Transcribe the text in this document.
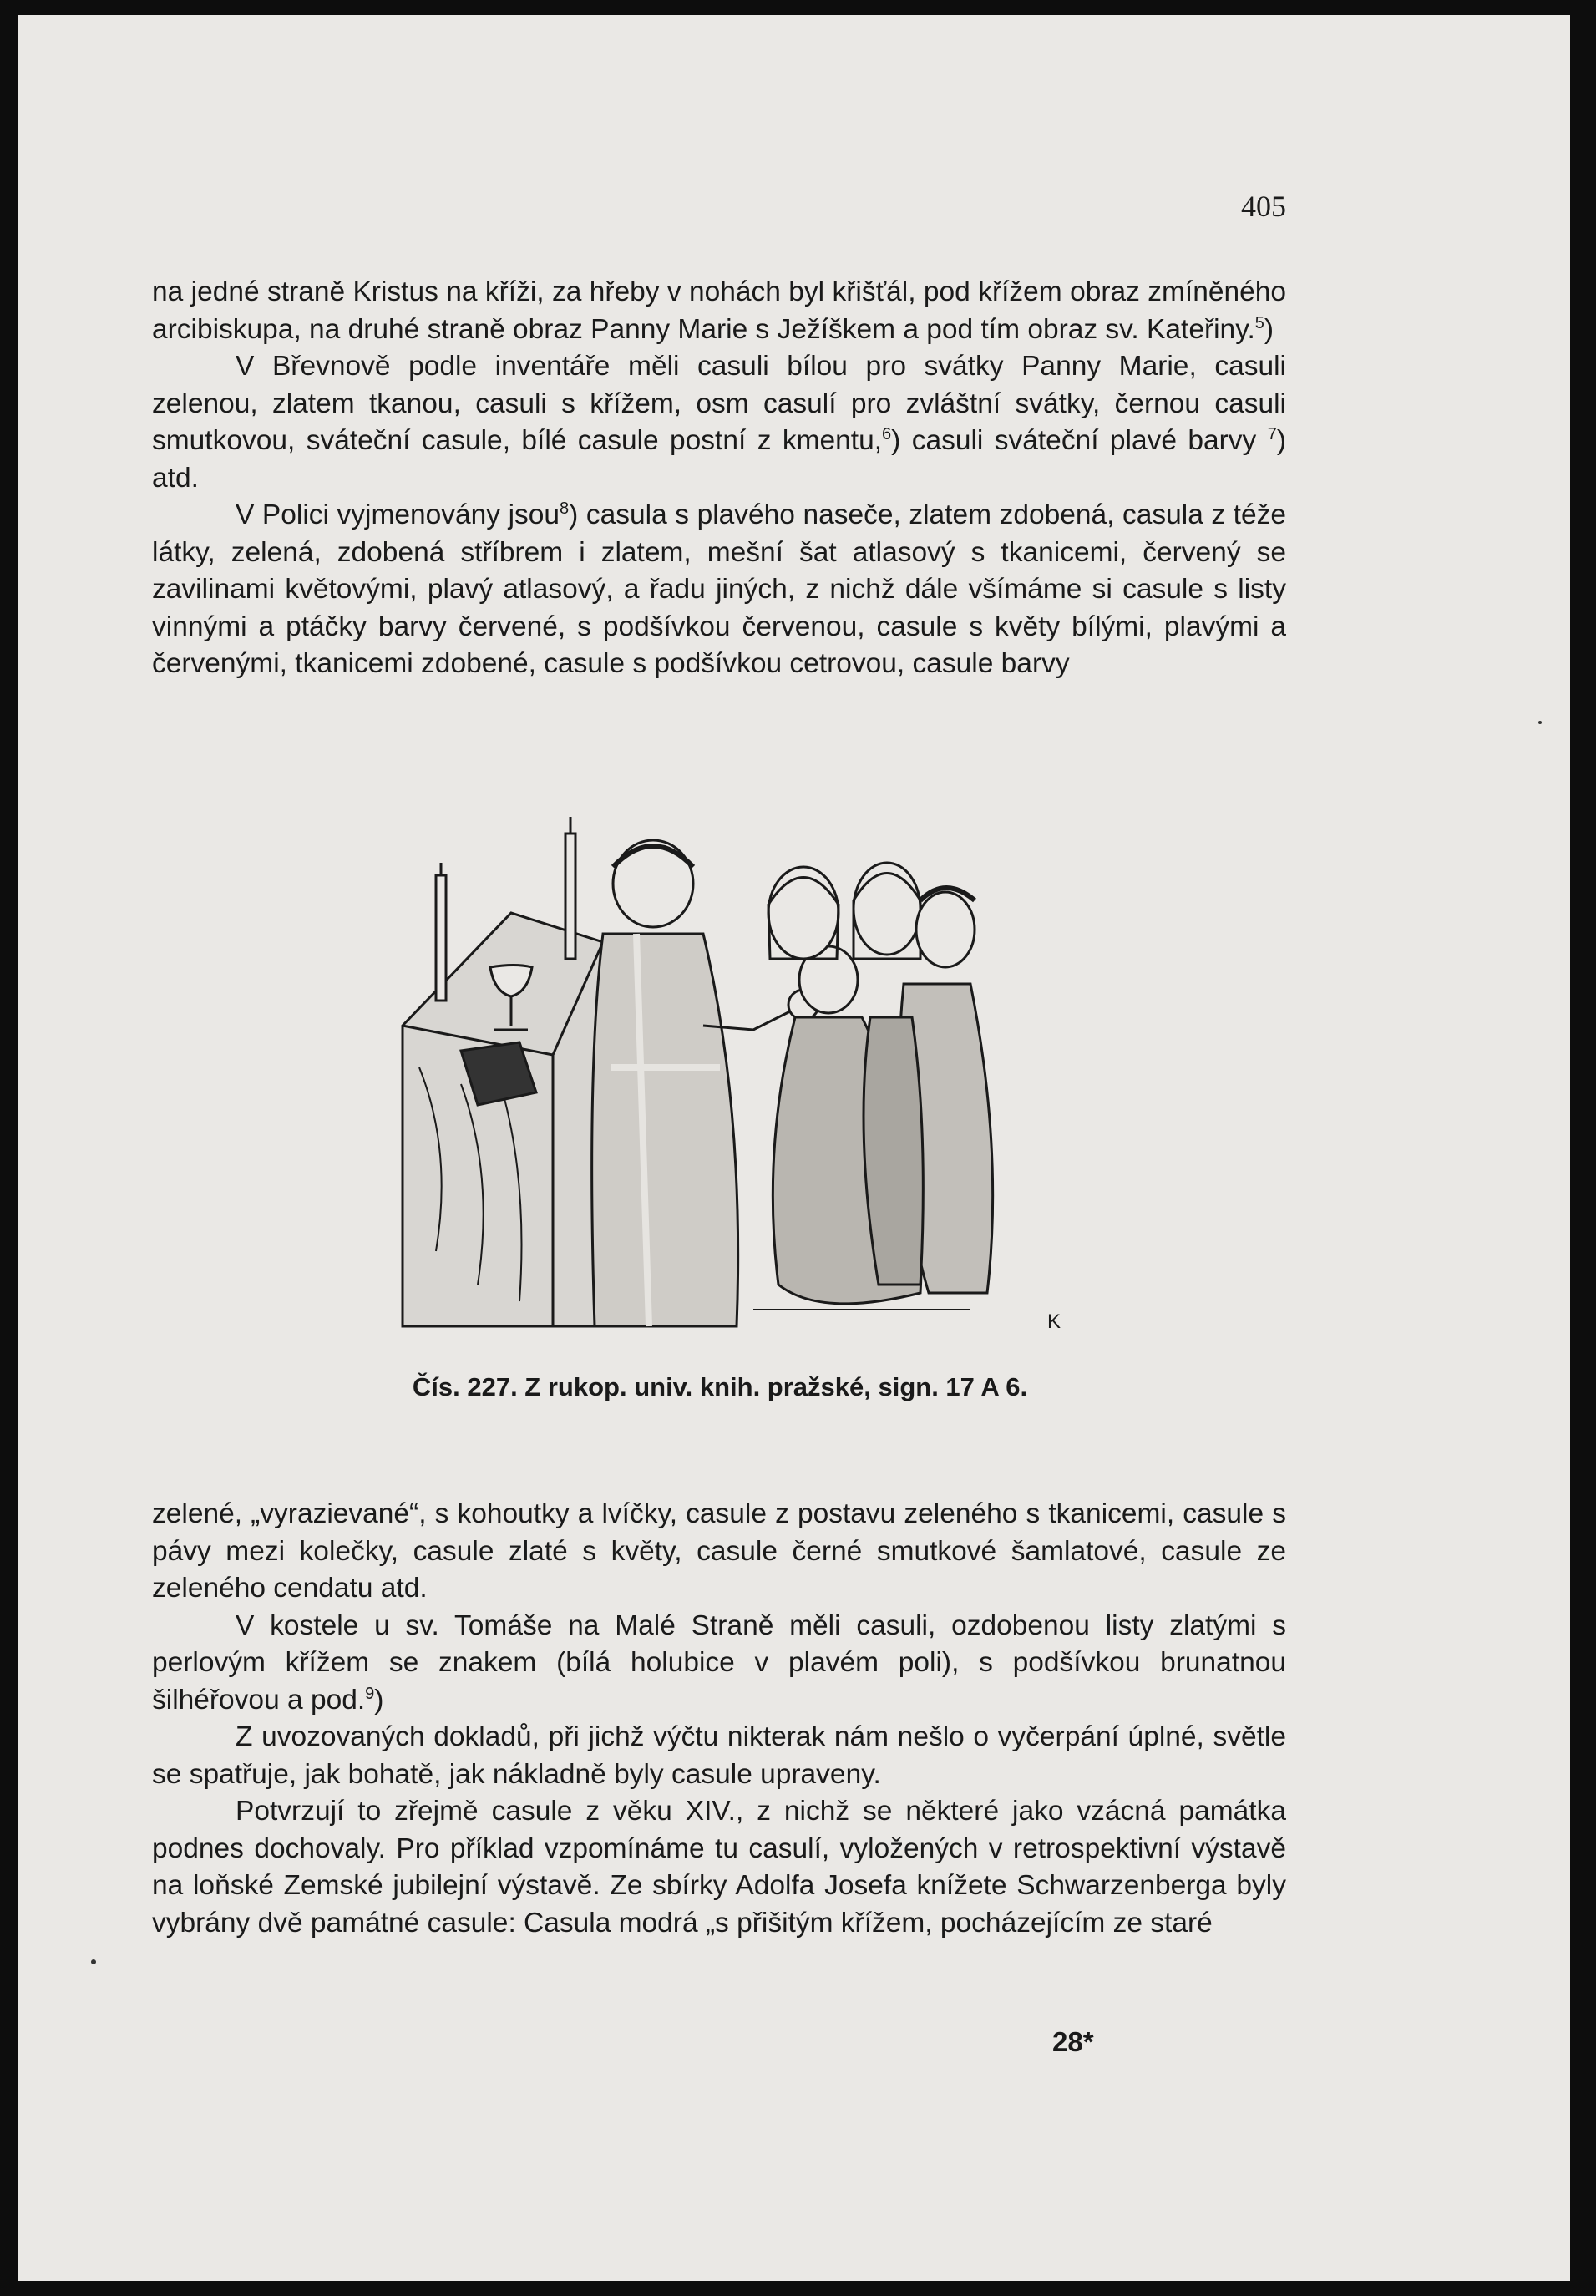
405

na jedné straně Kristus na kříži, za hřeby v nohách byl křišťál, pod křížem obraz zmíněného arcibiskupa, na druhé straně obraz Panny Marie s Ježíškem a pod tím obraz sv. Kateřiny.$^5$)

V Břevnově podle inventáře měli casuli bílou pro svátky Panny Marie, casuli zelenou, zlatem tkanou, casuli s křížem, osm casulí pro zvláštní svátky, černou casuli smutkovou, sváteční casule, bílé casule postní z kmentu,$^6$) casuli sváteční plavé barvy $^7$) atd.

V Polici vyjmenovány jsou$^8$) casula s plavého naseče, zlatem zdobená, casula z téže látky, zelená, zdobená stříbrem i zlatem, mešní šat atlasový s tkanicemi, červený se zavilinami květovými, plavý atlasový, a řadu jiných, z nichž dále všímáme si casule s listy vinnými a ptáčky barvy červené, s podšívkou červenou, casule s květy bílými, plavými a červenými, tkanicemi zdobené, casule s podšívkou cetrovou, casule barvy

K
Čís. 227. Z rukop. univ. knih. pražské, sign. 17 A 6.

zelené, „vyrazievané“, s kohoutky a lvíčky, casule z postavu zeleného s tkanicemi, casule s pávy mezi kolečky, casule zlaté s květy, casule černé smutkové šamlatové, casule ze zeleného cendatu atd.

V kostele u sv. Tomáše na Malé Straně měli casuli, ozdobenou listy zlatými s perlovým křížem se znakem (bílá holubice v plavém poli), s podšívkou brunatnou šilhéřovou a pod.$^9$)

Z uvozovaných dokladů, při jichž výčtu nikterak nám nešlo o vyčerpání úplné, světle se spatřuje, jak bohatě, jak nákladně byly casule upraveny.

Potvrzují to zřejmě casule z věku XIV., z nichž se některé jako vzácná památka podnes dochovaly. Pro příklad vzpomínáme tu casulí, vyložených v retrospektivní výstavě na loňské Zemské jubilejní výstavě. Ze sbírky Adolfa Josefa knížete Schwarzenberga byly vybrány dvě památné casule: Casula modrá „s přišitým křížem, pocházejícím ze staré

28*
